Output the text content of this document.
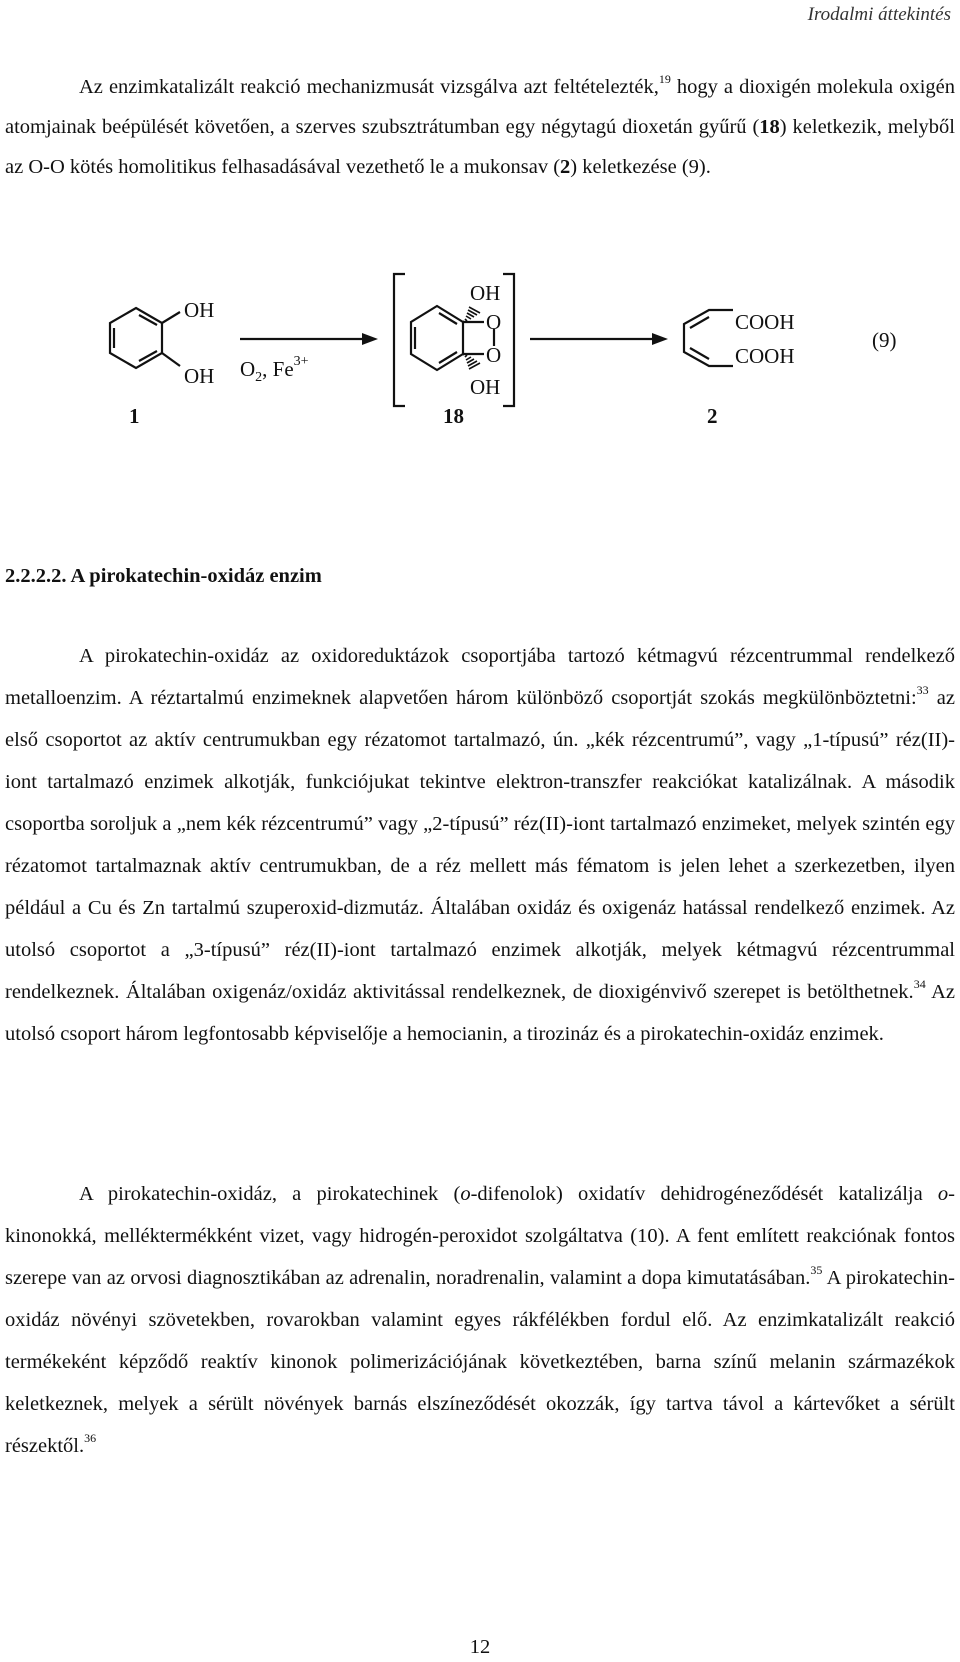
Irodalmi áttekintés

Az enzimkatalizált reakció mechanizmusát vizsgálva azt feltételezték,$^{19}$ hogy a dioxigén molekula oxigén atomjainak beépülését követően, a szerves szubsztrátumban egy négytagú dioxetán gyűrű (18) keletkezik, melyből az O-O kötés homolitikus felhasadásával vezethető le a mukonsav (2) keletkezése (9).

OH
OH $O_2$, $Fe^{3+}$
OH
O
O
OH
COOH
COOH
(9)
1	18	2

2.2.2.2. A pirokatechin-oxidáz enzim

A pirokatechin-oxidáz az oxidoreduktázok csoportjába tartozó kétmagvú rézcentrummal rendelkező metalloenzim. A réztartalmú enzimeknek alapvetően három különböző csoportját szokás megkülönböztetni:$^{33}$ az első csoportot az aktív centrumukban egy rézatomot tartalmazó, ún. „kék rézcentrumú”, vagy „1-típusú” réz(II)-iont tartalmazó enzimek alkotják, funkciójukat tekintve elektron-transzfer reakciókat katalizálnak. A második csoportba soroljuk a „nem kék rézcentrumú” vagy „2-típusú” réz(II)-iont tartalmazó enzimeket, melyek szintén egy rézatomot tartalmaznak aktív centrumukban, de a réz mellett más fématom is jelen lehet a szerkezetben, ilyen például a Cu és Zn tartalmú szuperoxid-dizmutáz. Általában oxidáz és oxigenáz hatással rendelkező enzimek. Az utolsó csoportot a „3-típusú” réz(II)-iont tartalmazó enzimek alkotják, melyek kétmagvú rézcentrummal rendelkeznek. Általában oxigenáz/oxidáz aktivitással rendelkeznek, de dioxigénvivő szerepet is betölthetnek.$^{34}$ Az utolsó csoport három legfontosabb képviselője a hemocianin, a tirozináz és a pirokatechin-oxidáz enzimek.

A pirokatechin-oxidáz, a pirokatechinek (o-difenolok) oxidatív dehidrogéneződését katalizálja o-kinonokká, melléktermékként vizet, vagy hidrogén-peroxidot szolgáltatva (10). A fent említett reakciónak fontos szerepe van az orvosi diagnosztikában az adrenalin, noradrenalin, valamint a dopa kimutatásában.$^{35}$ A pirokatechin-oxidáz növényi szövetekben, rovarokban valamint egyes rákfélékben fordul elő. Az enzimkatalizált reakció termékeként képződő reaktív kinonok polimerizációjának következtében, barna színű melanin származékok keletkeznek, melyek a sérült növények barnás elszíneződését okozzák, így tartva távol a kártevőket a sérült részektől.$^{36}$

12
